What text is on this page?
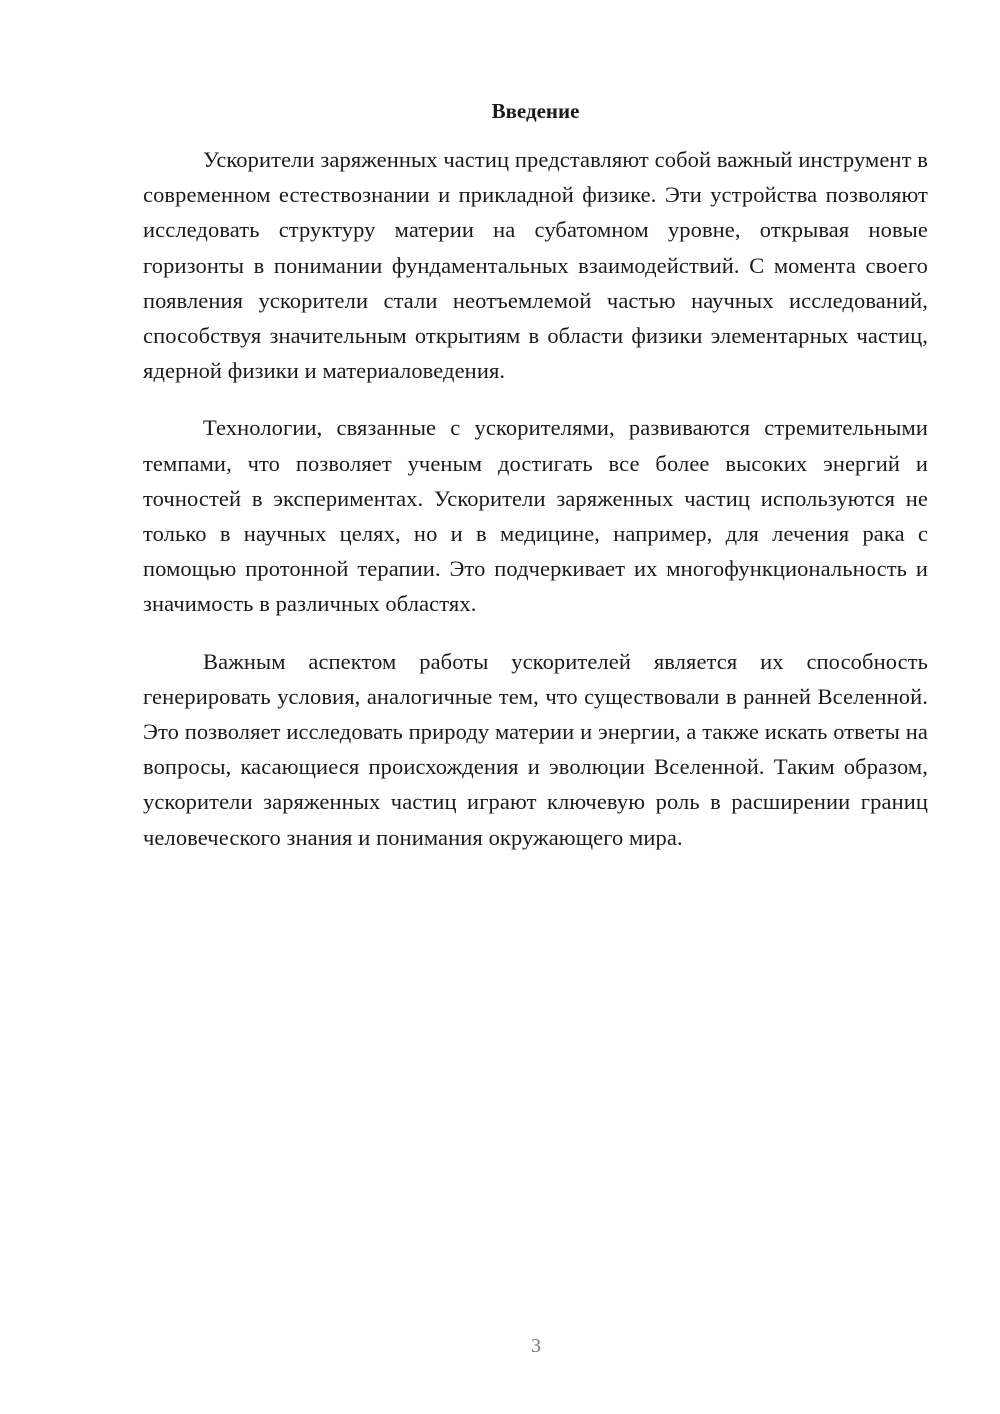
Введение

Ускорители заряженных частиц представляют собой важный инструмент в современном естествознании и прикладной физике. Эти устройства позволяют исследовать структуру материи на субатомном уровне, открывая новые горизонты в понимании фундаментальных взаимодействий. С момента своего появления ускорители стали неотъемлемой частью научных исследований, способствуя значительным открытиям в области физики элементарных частиц, ядерной физики и материаловедения.

Технологии, связанные с ускорителями, развиваются стремительными темпами, что позволяет ученым достигать все более высоких энергий и точностей в экспериментах. Ускорители заряженных частиц используются не только в научных целях, но и в медицине, например, для лечения рака с помощью протонной терапии. Это подчеркивает их многофункциональность и значимость в различных областях.

Важным аспектом работы ускорителей является их способность генерировать условия, аналогичные тем, что существовали в ранней Вселенной. Это позволяет исследовать природу материи и энергии, а также искать ответы на вопросы, касающиеся происхождения и эволюции Вселенной. Таким образом, ускорители заряженных частиц играют ключевую роль в расширении границ человеческого знания и понимания окружающего мира.

3
